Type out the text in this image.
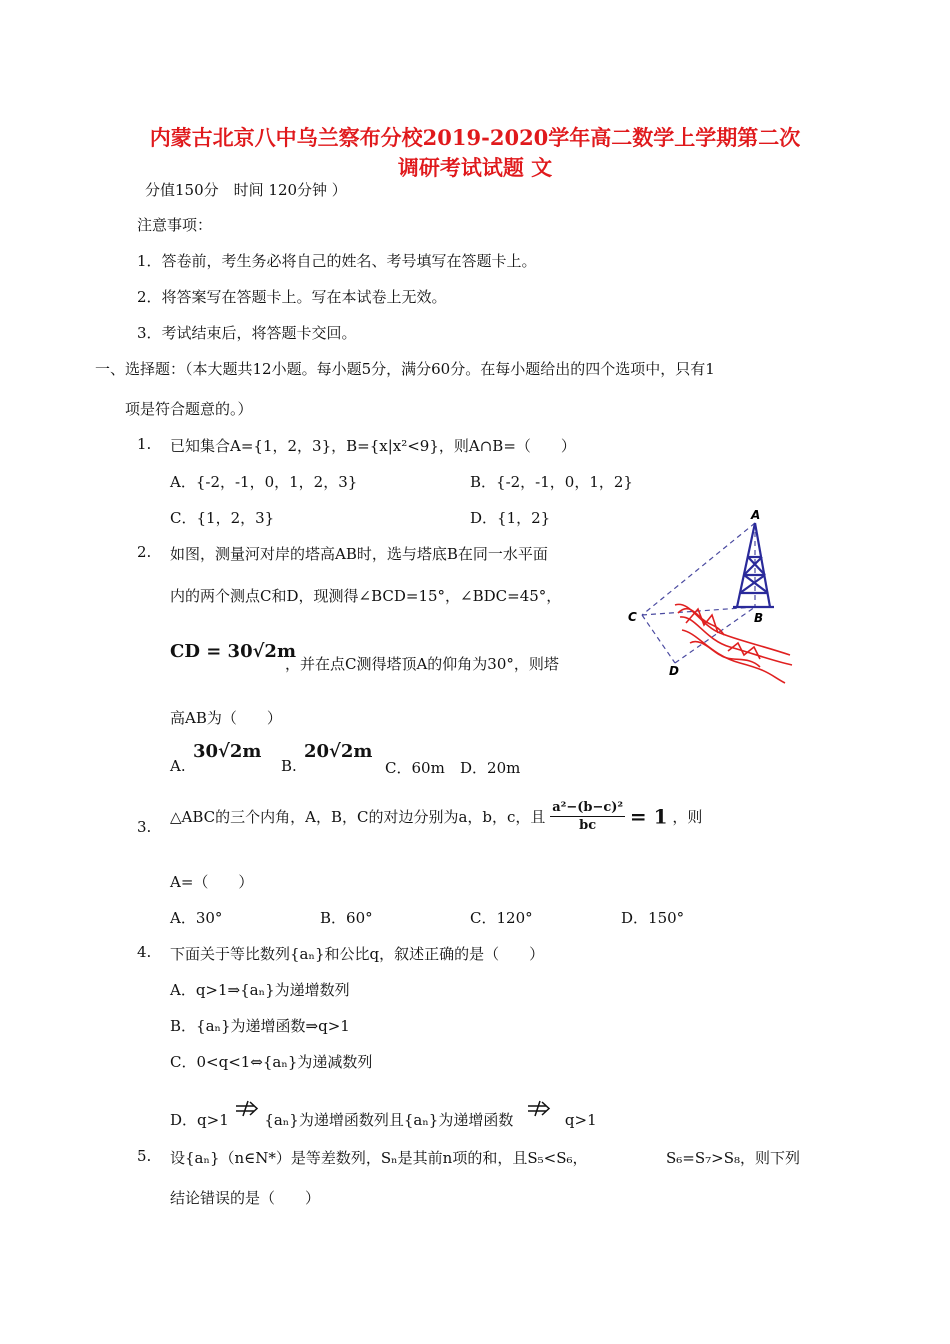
内蒙古北京八中乌兰察布分校2019-2020学年高二数学上学期第二次
调研考试试题 文
分值150分　时间 120分钟 ）
注意事项：
1．答卷前，考生务必将自己的姓名、考号填写在答题卡上。
2．将答案写在答题卡上。写在本试卷上无效。
3．考试结束后，将答题卡交回。
一、选择题：（本大题共12小题。每小题5分，满分60分。在每小题给出的四个选项中，只有1
项是符合题意的。）
1. 已知集合A={1，2，3}，B={x|x²<9}，则A∩B=（　　）
A．{-2，-1，0，1，2，3}	B．{-2，-1，0，1，2}
C．{1，2，3}	D．{1，2}
2. 如图，测量河对岸的塔高AB时，选与塔底B在同一水平面
内的两个测点C和D，现测得∠BCD=15°，∠BDC=45°，
CD = 30√2m
，并在点C测得塔顶A的仰角为30°，则塔
高AB为（　　）
A.
30√2m
B.
20√2m
C．60m D．20m
A
B
C
D
3.
△ABC的三个内角，A，B，C的对边分别为a，b，c，且 $\frac{\text{a²−(b−c)²}}{bc} = 1$ ，则
A=（　　）
A．30°	B．60°	C．120°	D．150°
4. 下面关于等比数列{aₙ}和公比q，叙述正确的是（　　）
A．q>1⇒{aₙ}为递增数列
B．{aₙ}为递增函数⇒q>1
C．0<q<1⇔{aₙ}为递减数列
D．q>1 {aₙ}为递增函数列且{aₙ}为递增函数	q>1
5. 设{aₙ}（n∈N*）是等差数列，Sₙ是其前n项的和，且S₅<S₆，	S₆=S₇>S₈，则下列
结论错误的是（　　）
